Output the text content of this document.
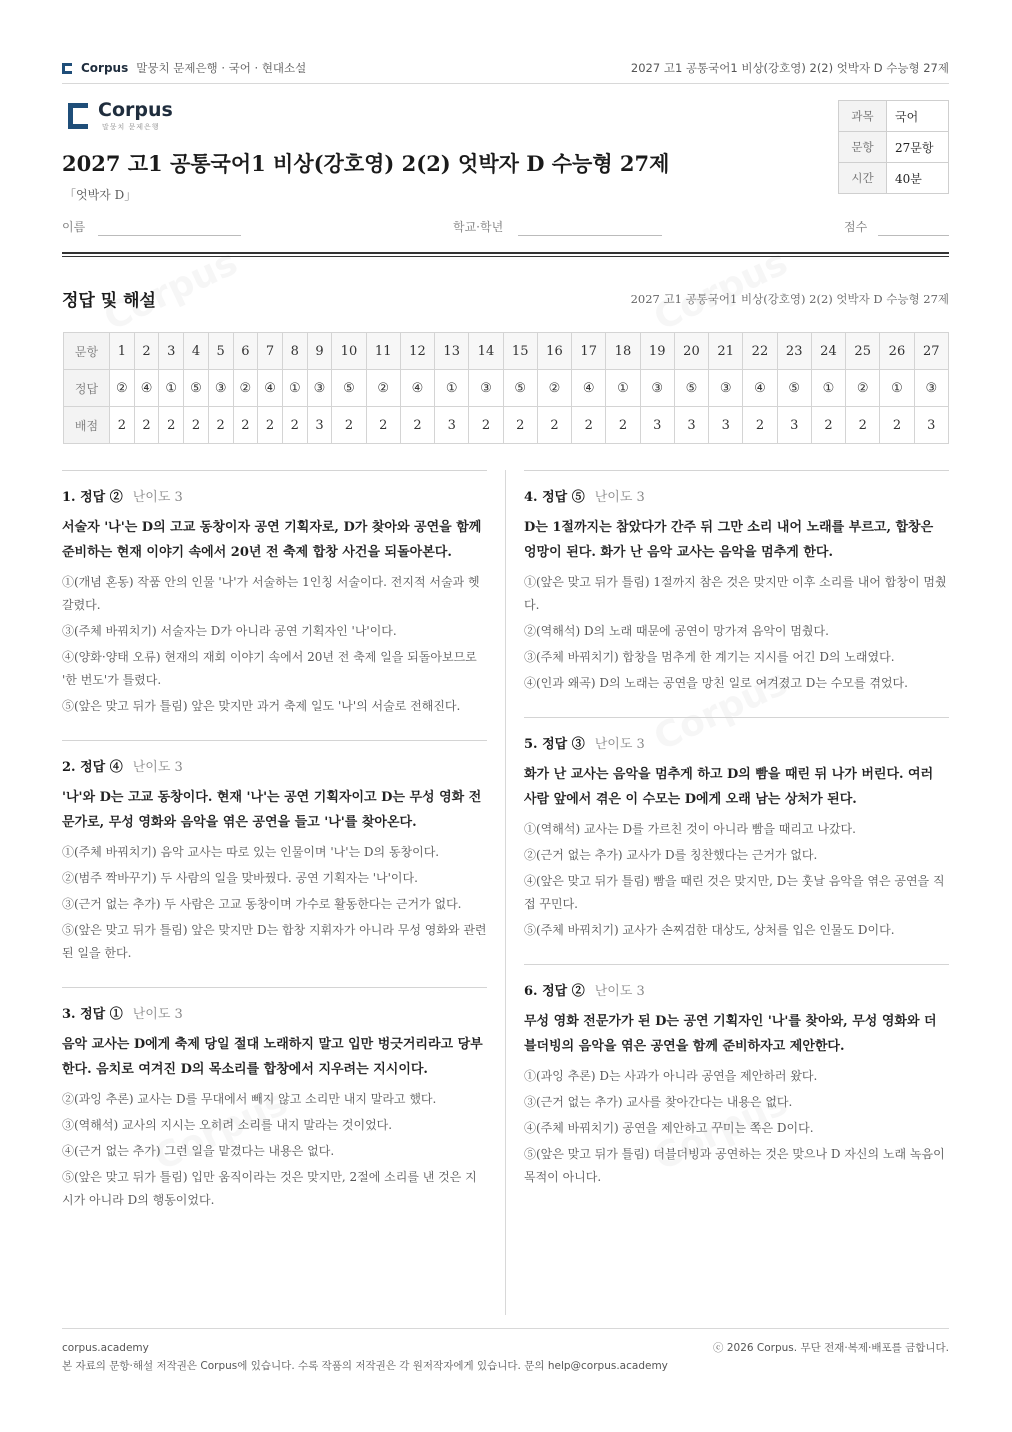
Corpus 말뭉치 문제은행 · 국어 · 현대소설	2027 고1 공통국어1 비상(강호영) 2(2) 엇박자 D 수능형 27제
Corpus
말뭉치 문제은행
2027 고1 공통국어1 비상(강호영) 2(2) 엇박자 D 수능형 27제
「엇박자 D」
과목	국어
문항	27문항
시간	40분
이름	학교·학년	점수
정답 및 해설	2027 고1 공통국어1 비상(강호영) 2(2) 엇박자 D 수능형 27제
문항	1	2	3	4	5	6	7	8	9	10	11	12	13	14	15	16	17	18	19	20	21	22	23	24	25	26	27
정답	②	④	①	⑤	③	②	④	①	③	⑤	②	④	①	③	⑤	②	④	①	③	⑤	③	④	⑤	①	②	①	③
배점	2	2	2	2	2	2	2	2	3	2	2	2	3	2	2	2	2	2	3	3	3	2	3	2	2	2	3
1. 정답 ② 난이도 3
서술자 '나'는 D의 고교 동창이자 공연 기획자로, D가 찾아와 공연을 함께 준비하는 현재 이야기 속에서 20년 전 축제 합창 사건을 되돌아본다.
①(개념 혼동) 작품 안의 인물 '나'가 서술하는 1인칭 서술이다. 전지적 서술과 헷갈렸다.
③(주체 바꿔치기) 서술자는 D가 아니라 공연 기획자인 '나'이다.
④(양화·양태 오류) 현재의 재회 이야기 속에서 20년 전 축제 일을 되돌아보므로 '한 번도'가 틀렸다.
⑤(앞은 맞고 뒤가 틀림) 앞은 맞지만 과거 축제 일도 '나'의 서술로 전해진다.
2. 정답 ④ 난이도 3
'나'와 D는 고교 동창이다. 현재 '나'는 공연 기획자이고 D는 무성 영화 전문가로, 무성 영화와 음악을 엮은 공연을 들고 '나'를 찾아온다.
①(주체 바꿔치기) 음악 교사는 따로 있는 인물이며 '나'는 D의 동창이다.
②(범주 짝바꾸기) 두 사람의 일을 맞바꿨다. 공연 기획자는 '나'이다.
③(근거 없는 추가) 두 사람은 고교 동창이며 가수로 활동한다는 근거가 없다.
⑤(앞은 맞고 뒤가 틀림) 앞은 맞지만 D는 합창 지휘자가 아니라 무성 영화와 관련된 일을 한다.
3. 정답 ① 난이도 3
음악 교사는 D에게 축제 당일 절대 노래하지 말고 입만 벙긋거리라고 당부한다. 음치로 여겨진 D의 목소리를 합창에서 지우려는 지시이다.
②(과잉 추론) 교사는 D를 무대에서 빼지 않고 소리만 내지 말라고 했다.
③(역해석) 교사의 지시는 오히려 소리를 내지 말라는 것이었다.
④(근거 없는 추가) 그런 일을 맡겼다는 내용은 없다.
⑤(앞은 맞고 뒤가 틀림) 입만 움직이라는 것은 맞지만, 2절에 소리를 낸 것은 지시가 아니라 D의 행동이었다.
4. 정답 ⑤ 난이도 3
D는 1절까지는 참았다가 간주 뒤 그만 소리 내어 노래를 부르고, 합창은 엉망이 된다. 화가 난 음악 교사는 음악을 멈추게 한다.
①(앞은 맞고 뒤가 틀림) 1절까지 참은 것은 맞지만 이후 소리를 내어 합창이 멈췄다.
②(역해석) D의 노래 때문에 공연이 망가져 음악이 멈췄다.
③(주체 바꿔치기) 합창을 멈추게 한 계기는 지시를 어긴 D의 노래였다.
④(인과 왜곡) D의 노래는 공연을 망친 일로 여겨졌고 D는 수모를 겪었다.
5. 정답 ③ 난이도 3
화가 난 교사는 음악을 멈추게 하고 D의 빰을 때린 뒤 나가 버린다. 여러 사람 앞에서 겪은 이 수모는 D에게 오래 남는 상처가 된다.
①(역해석) 교사는 D를 가르친 것이 아니라 빰을 때리고 나갔다.
②(근거 없는 추가) 교사가 D를 칭찬했다는 근거가 없다.
④(앞은 맞고 뒤가 틀림) 빰을 때린 것은 맞지만, D는 훗날 음악을 엮은 공연을 직접 꾸민다.
⑤(주체 바꿔치기) 교사가 손찌검한 대상도, 상처를 입은 인물도 D이다.
6. 정답 ② 난이도 3
무성 영화 전문가가 된 D는 공연 기획자인 '나'를 찾아와, 무성 영화와 더블더빙의 음악을 엮은 공연을 함께 준비하자고 제안한다.
①(과잉 추론) D는 사과가 아니라 공연을 제안하러 왔다.
③(근거 없는 추가) 교사를 찾아간다는 내용은 없다.
④(주체 바꿔치기) 공연을 제안하고 꾸미는 쪽은 D이다.
⑤(앞은 맞고 뒤가 틀림) 더블더빙과 공연하는 것은 맞으나 D 자신의 노래 녹음이 목적이 아니다.
corpus.academy
본 자료의 문항·해설 저작권은 Corpus에 있습니다. 수록 작품의 저작권은 각 원저작자에게 있습니다. 문의 help@corpus.academy
ⓒ 2026 Corpus. 무단 전재·복제·배포를 금합니다.
